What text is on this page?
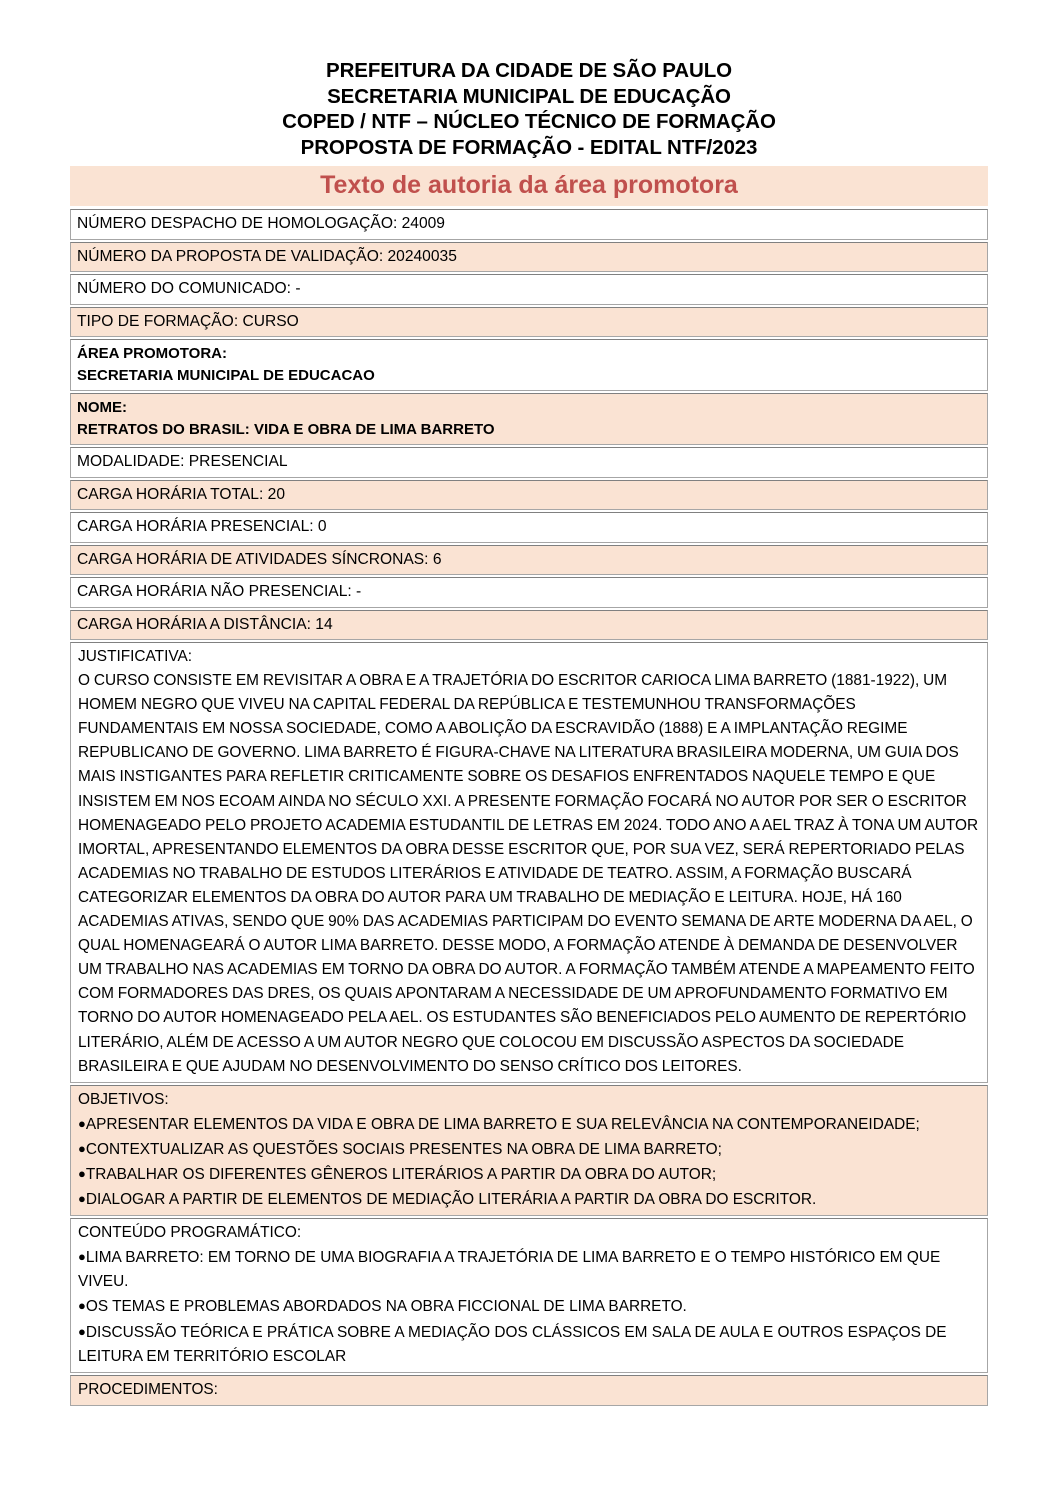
PREFEITURA DA CIDADE DE SÃO PAULO
SECRETARIA MUNICIPAL DE EDUCAÇÃO
COPED / NTF – NÚCLEO TÉCNICO DE FORMAÇÃO
PROPOSTA DE FORMAÇÃO - EDITAL NTF/2023
Texto de autoria da área promotora
NÚMERO DESPACHO DE HOMOLOGAÇÃO: 24009
NÚMERO DA PROPOSTA DE VALIDAÇÃO: 20240035
NÚMERO DO COMUNICADO: -
TIPO DE FORMAÇÃO: CURSO
ÁREA PROMOTORA:
SECRETARIA MUNICIPAL DE EDUCACAO
NOME:
RETRATOS DO BRASIL: VIDA E OBRA DE LIMA BARRETO
MODALIDADE: PRESENCIAL
CARGA HORÁRIA TOTAL: 20
CARGA HORÁRIA PRESENCIAL: 0
CARGA HORÁRIA DE ATIVIDADES SÍNCRONAS: 6
CARGA HORÁRIA NÃO PRESENCIAL: -
CARGA HORÁRIA A DISTÂNCIA: 14
JUSTIFICATIVA:
O CURSO CONSISTE EM REVISITAR A OBRA E A TRAJETÓRIA DO ESCRITOR CARIOCA LIMA BARRETO (1881-1922), UM HOMEM NEGRO QUE VIVEU NA CAPITAL FEDERAL DA REPÚBLICA E TESTEMUNHOU TRANSFORMAÇÕES FUNDAMENTAIS EM NOSSA SOCIEDADE, COMO A ABOLIÇÃO DA ESCRAVIDÃO (1888) E A IMPLANTAÇÃO REGIME REPUBLICANO DE GOVERNO. LIMA BARRETO É FIGURA-CHAVE NA LITERATURA BRASILEIRA MODERNA, UM GUIA DOS MAIS INSTIGANTES PARA REFLETIR CRITICAMENTE SOBRE OS DESAFIOS ENFRENTADOS NAQUELE TEMPO E QUE INSISTEM EM NOS ECOAM AINDA NO SÉCULO XXI. A PRESENTE FORMAÇÃO FOCARÁ NO AUTOR POR SER O ESCRITOR HOMENAGEADO PELO PROJETO ACADEMIA ESTUDANTIL DE LETRAS EM 2024. TODO ANO A AEL TRAZ À TONA UM AUTOR IMORTAL, APRESENTANDO ELEMENTOS DA OBRA DESSE ESCRITOR QUE, POR SUA VEZ, SERÁ REPERTORIADO PELAS ACADEMIAS NO TRABALHO DE ESTUDOS LITERÁRIOS E ATIVIDADE DE TEATRO. ASSIM, A FORMAÇÃO BUSCARÁ CATEGORIZAR ELEMENTOS DA OBRA DO AUTOR PARA UM TRABALHO DE MEDIAÇÃO E LEITURA. HOJE, HÁ 160 ACADEMIAS ATIVAS, SENDO QUE 90% DAS ACADEMIAS PARTICIPAM DO EVENTO SEMANA DE ARTE MODERNA DA AEL, O QUAL HOMENAGEARÁ O AUTOR LIMA BARRETO. DESSE MODO, A FORMAÇÃO ATENDE À DEMANDA DE DESENVOLVER UM TRABALHO NAS ACADEMIAS EM TORNO DA OBRA DO AUTOR. A FORMAÇÃO TAMBÉM ATENDE A MAPEAMENTO FEITO COM FORMADORES DAS DRES, OS QUAIS APONTARAM A NECESSIDADE DE UM APROFUNDAMENTO FORMATIVO EM TORNO DO AUTOR HOMENAGEADO PELA AEL. OS ESTUDANTES SÃO BENEFICIADOS PELO AUMENTO DE REPERTÓRIO LITERÁRIO, ALÉM DE ACESSO A UM AUTOR NEGRO QUE COLOCOU EM DISCUSSÃO ASPECTOS DA SOCIEDADE BRASILEIRA E QUE AJUDAM NO DESENVOLVIMENTO DO SENSO CRÍTICO DOS LEITORES.
OBJETIVOS:
●APRESENTAR ELEMENTOS DA VIDA E OBRA DE LIMA BARRETO E SUA RELEVÂNCIA NA CONTEMPORANEIDADE;
●CONTEXTUALIZAR AS QUESTÕES SOCIAIS PRESENTES NA OBRA DE LIMA BARRETO;
●TRABALHAR OS DIFERENTES GÊNEROS LITERÁRIOS A PARTIR DA OBRA DO AUTOR;
●DIALOGAR A PARTIR DE ELEMENTOS DE MEDIAÇÃO LITERÁRIA A PARTIR DA OBRA DO ESCRITOR.
CONTEÚDO PROGRAMÁTICO:
●LIMA BARRETO: EM TORNO DE UMA BIOGRAFIA A TRAJETÓRIA DE LIMA BARRETO E O TEMPO HISTÓRICO EM QUE VIVEU.
●OS TEMAS E PROBLEMAS ABORDADOS NA OBRA FICCIONAL DE LIMA BARRETO.
●DISCUSSÃO TEÓRICA E PRÁTICA SOBRE A MEDIAÇÃO DOS CLÁSSICOS EM SALA DE AULA E OUTROS ESPAÇOS DE LEITURA EM TERRITÓRIO ESCOLAR
PROCEDIMENTOS:
